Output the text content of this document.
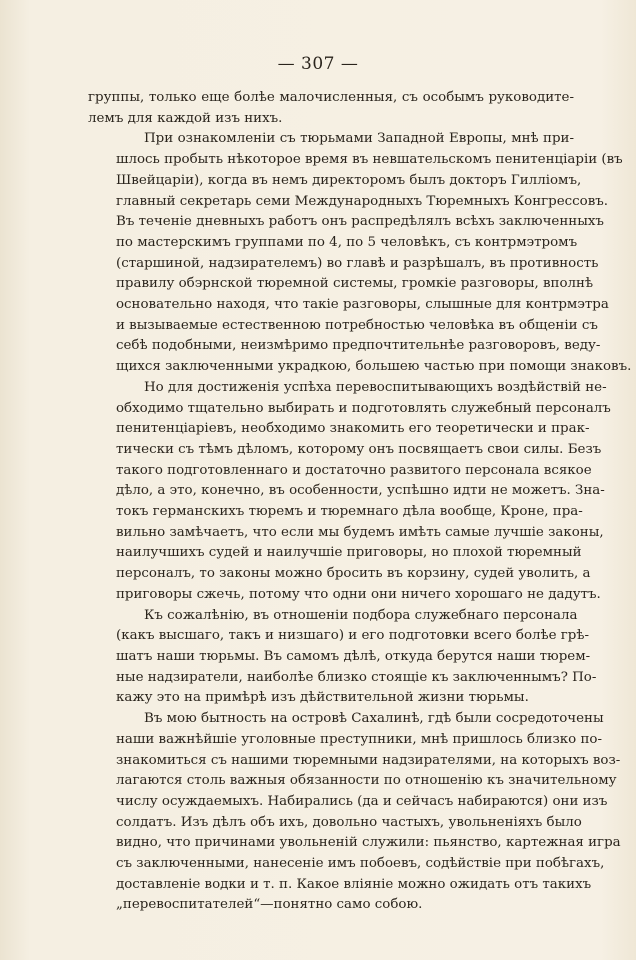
— 307 —
группы, только еще болѣе малочисленныя, съ особымъ руководите-
лемъ для каждой изъ нихъ.
При ознакомленіи съ тюрьмами Западной Европы, мнѣ при-
шлось пробыть нѣкоторое время въ невшательскомъ пенитенціаріи (въ
Швейцаріи), когда въ немъ директоромъ былъ докторъ Гилліомъ,
главный секретарь семи Международныхъ Тюремныхъ Конгрессовъ.
Въ теченіе дневныхъ работъ онъ распредѣлялъ всѣхъ заключенныхъ
по мастерскимъ группами по 4, по 5 человѣкъ, съ контрмэтромъ
(старшиной, надзирателемъ) во главѣ и разрѣшалъ, въ противность
правилу обэрнской тюремной системы, громкіе разговоры, вполнѣ
основательно находя, что такіе разговоры, слышные для контрмэтра
и вызываемые естественною потребностью человѣка въ общеніи съ
себѣ подобными, неизмѣримо предпочтительнѣе разговоровъ, веду-
щихся заключенными украдкою, большею частью при помощи знаковъ.
Но для достиженія успѣха перевоспитывающихъ воздѣйствій не-
обходимо тщательно выбирать и подготовлять служебный персоналъ
пенитенціаріевъ, необходимо знакомить его теоретически и прак-
тически съ тѣмъ дѣломъ, которому онъ посвящаетъ свои силы. Безъ
такого подготовленнаго и достаточно развитого персонала всякое
дѣло, а это, конечно, въ особенности, успѣшно идти не можетъ. Зна-
токъ германскихъ тюремъ и тюремнаго дѣла вообще, Кроне, пра-
вильно замѣчаетъ, что если мы будемъ имѣть самые лучшіе законы,
наилучшихъ судей и наилучшіе приговоры, но плохой тюремный
персоналъ, то законы можно бросить въ корзину, судей уволить, а
приговоры сжечь, потому что одни они ничего хорошаго не дадутъ.
Къ сожалѣнію, въ отношеніи подбора служебнаго персонала
(какъ высшаго, такъ и низшаго) и его подготовки всего болѣе грѣ-
шатъ наши тюрьмы. Въ самомъ дѣлѣ, откуда берутся наши тюрем-
ные надзиратели, наиболѣе близко стоящіе къ заключеннымъ? По-
кажу это на примѣрѣ изъ дѣйствительной жизни тюрьмы.
Въ мою бытность на островѣ Сахалинѣ, гдѣ были сосредоточены
наши важнѣйшіе уголовные преступники, мнѣ пришлось близко по-
знакомиться съ нашими тюремными надзирателями, на которыхъ воз-
лагаются столь важныя обязанности по отношенію къ значительному
числу осуждаемыхъ. Набирались (да и сейчасъ набираются) они изъ
солдатъ. Изъ дѣлъ объ ихъ, довольно частыхъ, увольненіяхъ было
видно, что причинами увольненій служили: пьянство, картежная игра
съ заключенными, нанесеніе имъ побоевъ, содѣйствіе при побѣгахъ,
доставленіе водки и т. п. Какое вліяніе можно ожидать отъ такихъ
„перевоспитателей“—понятно само собою.
